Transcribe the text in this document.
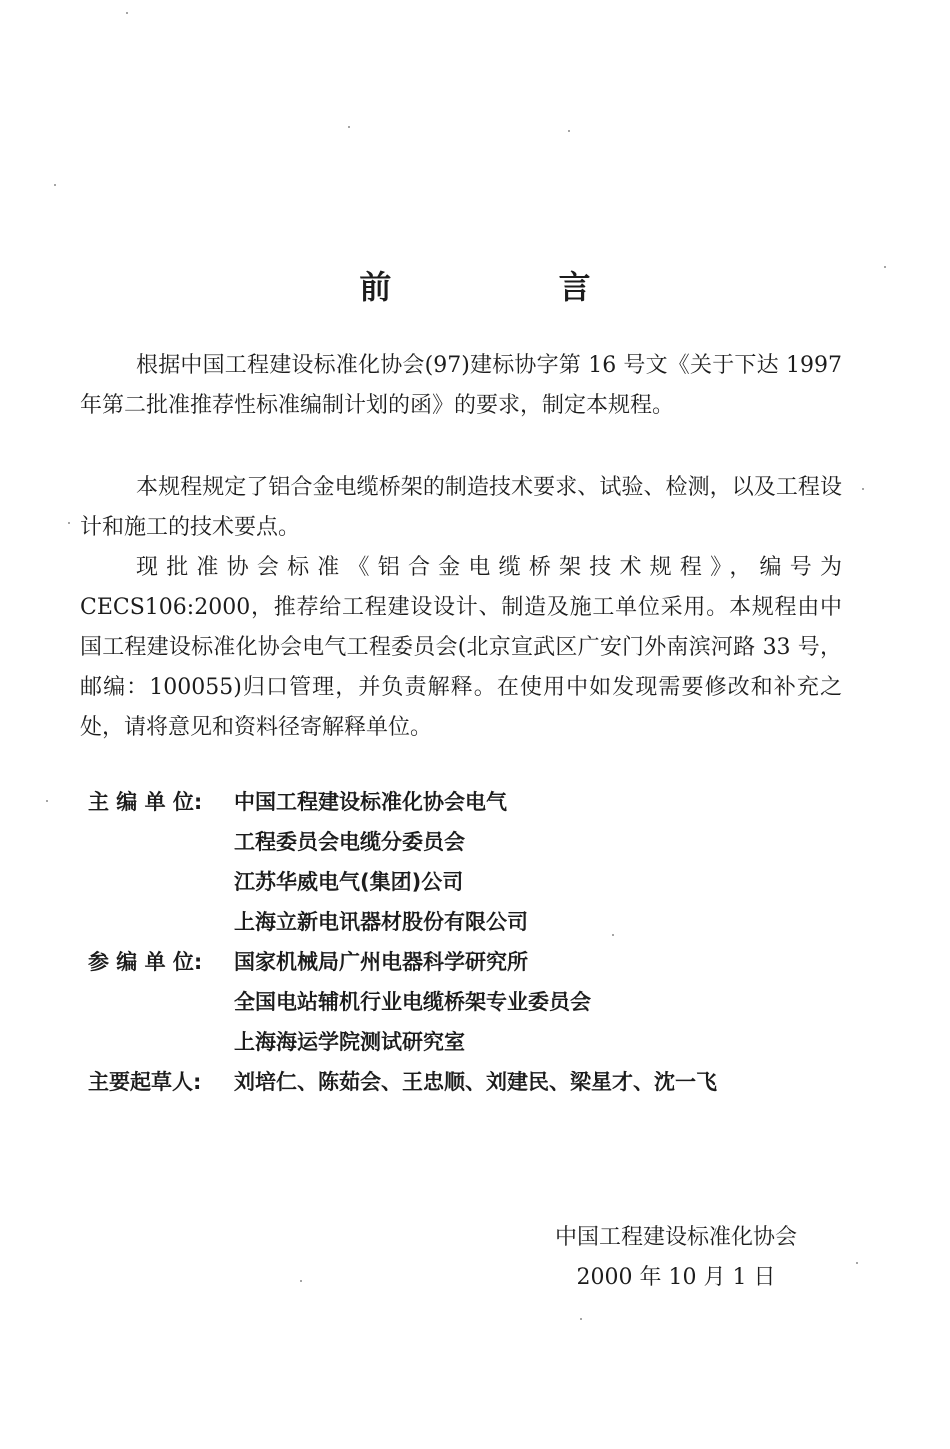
前 言

根据中国工程建设标准化协会(97)建标协字第 16 号文《关于下达 1997 年第二批准推荐性标准编制计划的函》的要求，制定本规程。

本规程规定了铝合金电缆桥架的制造技术要求、试验、检测，以及工程设计和施工的技术要点。

现批准协会标准《铝合金电缆桥架技术规程》，编号为 CECS106:2000，推荐给工程建设设计、制造及施工单位采用。本规程由中国工程建设标准化协会电气工程委员会(北京宣武区广安门外南滨河路 33 号，邮编：100055)归口管理，并负责解释。在使用中如发现需要修改和补充之处，请将意见和资料径寄解释单位。

主 编 单 位:	中国工程建设标准化协会电气
工程委员会电缆分委员会
江苏华威电气(集团)公司
上海立新电讯器材股份有限公司
参 编 单 位:	国家机械局广州电器科学研究所
全国电站辅机行业电缆桥架专业委员会
上海海运学院测试研究室
主要起草人:	刘培仁、陈茹会、王忠顺、刘建民、梁星才、沈一飞
中国工程建设标准化协会
2000 年 10 月 1 日
